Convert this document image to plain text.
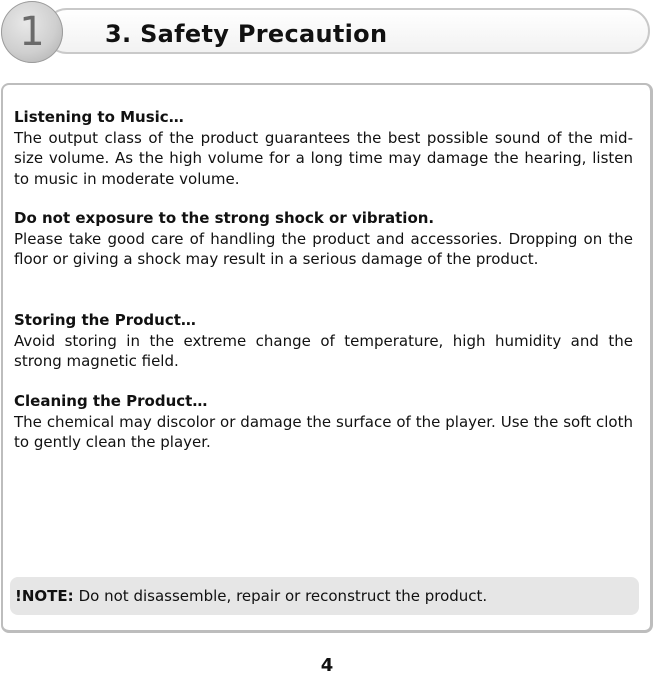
1	3. Safety Precaution
Listening to Music…
The output class of the product guarantees the best possible sound of the mid-size volume. As the high volume for a long time may damage the hearing, listen to music in moderate volume.
Do not exposure to the strong shock or vibration.
Please take good care of handling the product and accessories. Dropping on the floor or giving a shock may result in a serious damage of the product.
Storing the Product…
Avoid storing in the extreme change of temperature, high humidity and the strong magnetic field.
Cleaning the Product…
The chemical may discolor or damage the surface of the player. Use the soft cloth to gently clean the player.
!NOTE: Do not disassemble, repair or reconstruct the product.
4
